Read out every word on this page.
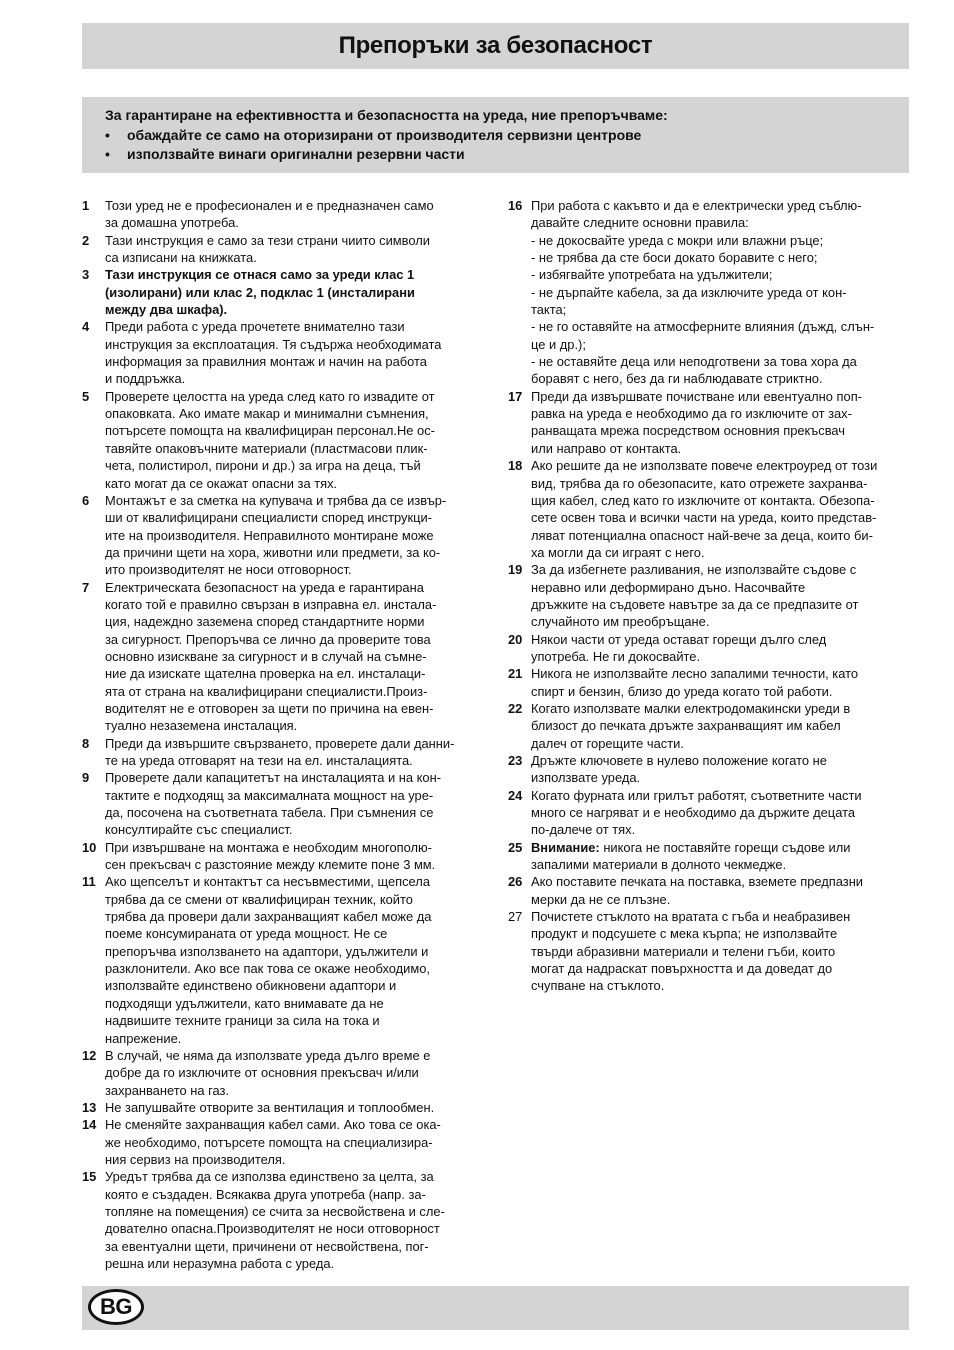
Препоръки за безопасност

За гарантиране на ефективността и безопасността на уреда, ние препоръчваме:

•	обаждайте се само на оторизирани от производителя сервизни центрове
•	използвайте винаги оригинални резервни части
1	Този уред не е професионален и е предназначен само
за домашна употреба.
2	Тази инструкция е само за тези страни чиито символи
са изписани на книжката.
3	Тази инструкция се отнася само за уреди клас 1
(изолирани) или клас 2, подклас 1 (инсталирани
между два шкафа).
4	Преди работа с уреда прочетете внимателно тази
инструкция за експлоатация. Тя съдържа необходимата
информация за правилния монтаж и начин на работа
и поддръжка.
5	Проверете целостта на уреда след като го извадите от
опаковката. Ако имате макар и минимални съмнения,
потърсете помощта на квалифициран персонал.Не ос-
тавяйте опаковъчните материали (пластмасови плик-
чета, полистирол, пирони и др.) за игра на деца, тъй
като могат да се окажат опасни за тях.
6	Монтажът е за сметка на купувача и трябва да се извър-
ши от квалифицирани специалисти според инструкци-
ите на производителя. Неправилното монтиране може
да причини щети на хора, животни или предмети, за ко-
ито производителят не носи отговорност.
7	Електрическата безопасност на уреда е гарантирана
когато той е правилно свързан в изправна ел. инстала-
ция, надеждно заземена според стандартните норми
за сигурност. Препоръчва се лично да проверите това
основно изискване за сигурност и в случай на съмне-
ние да изискате щателна проверка на ел. инсталаци-
ята от страна на квалифицирани специалисти.Произ-
водителят не е отговорен за щети по причина на евен-
туално незаземена инсталация.
8	Преди да извършите свързването, проверете дали данни-
те на уреда отговарят на тези на ел. инсталацията.
9	Проверете дали капацитетът на инсталацията и на кон-
тактите е подходящ за максималната мощност на уре-
да, посочена на съответната табела. При съмнения се
консултирайте със специалист.
10 При извършване на монтажа е необходим многополю-
сен прекъсвач с разстояние между клемите поне 3 мм.
11 Ако щепселът и контактът са несъвместими, щепсела
трябва да се смени от квалифициран техник, който
трябва да провери дали захранващият кабел може да
поеме консумираната от уреда мощност. Не се
препоръчва използването на адаптори, удължители и
разклонители. Ако все пак това се окаже необходимо,
използвайте единствено обикновени адаптори и
подходящи удължители, като внимавате да не
надвишите техните граници за сила на тока и
напрежение.
12 В случай, че няма да използвате уреда дълго време е
добре да го изключите от основния прекъсвач и/или
захранването на газ.
13 Не запушвайте отворите за вентилация и топлообмен.
14 Не сменяйте захранващия кабел сами. Ако това се ока-
же необходимо, потърсете помощта на специализира-
ния сервиз на производителя.
15 Уредът трябва да се използва единствено за целта, за
която е създаден. Всякаква друга употреба (напр. за-
топляне на помещения) се счита за несвойствена и сле-
дователно опасна.Производителят не носи отговорност
за евентуални щети, причинени от несвойствена, пог-
решна или неразумна работа с уреда.
16 При работа с какъвто и да е електрически уред съблю-
давайте следните основни правила:
- не докосвайте уреда с мокри или влажни ръце;
- не трябва да сте боси докато боравите с него;
- избягвайте употребата на удължители;
- не дърпайте кабела, за да изключите уреда от кон-
такта;
- не го оставяйте на атмосферните влияния (дъжд, слън-
це и др.);
- не оставяйте деца или неподготвени за това хора да
боравят с него, без да ги наблюдавате стриктно.
17 Преди да извършвате почистване или евентуално поп-
равка на уреда е необходимо да го изключите от зах-
ранващата мрежа посредством основния прекъсвач
или направо от контакта.
18 Ако решите да не използвате повече електроуред от този
вид, трябва да го обезопасите, като отрежете захранва-
щия кабел, след като го изключите от контакта. Обезопа-
сете освен това и всички части на уреда, които представ-
ляват потенциална опасност най-вече за деца, които би-
ха могли да си играят с него.
19 За да избегнете разливания, не използвайте съдове с
неравно или деформирано дъно. Насочвайте
дръжките на съдовете навътре за да се предпазите от
случайното им преобръщане.
20 Някои части от уреда остават горещи дълго след
употреба. Не ги докосвайте.
21 Никога не използвайте лесно запалими течности, като
спирт и бензин, близо до уреда когато той работи.
22 Когато използвате малки електродомакински уреди в
близост до печката дръжте захранващият им кабел
далеч от горещите части.
23 Дръжте ключовете в нулево положение когато не
използвате уреда.
24 Когато фурната или грилът работят, съответните части
много се нагряват и е необходимо да държите децата
по-далече от тях.
25 Внимание: никога не поставяйте горещи съдове или
запалими материали в долното чекмедже.
26 Ако поставите печката на поставка, вземете предпазни
мерки да не се плъзне.
27 Почистете стъклото на вратата с гъба и неабразивен
продукт и подсушете с мека кърпа; не използвайте
твърди абразивни материали и телени гъби, които
могат да надраскат повърхността и да доведат до
счупване на стъклото.
BG
